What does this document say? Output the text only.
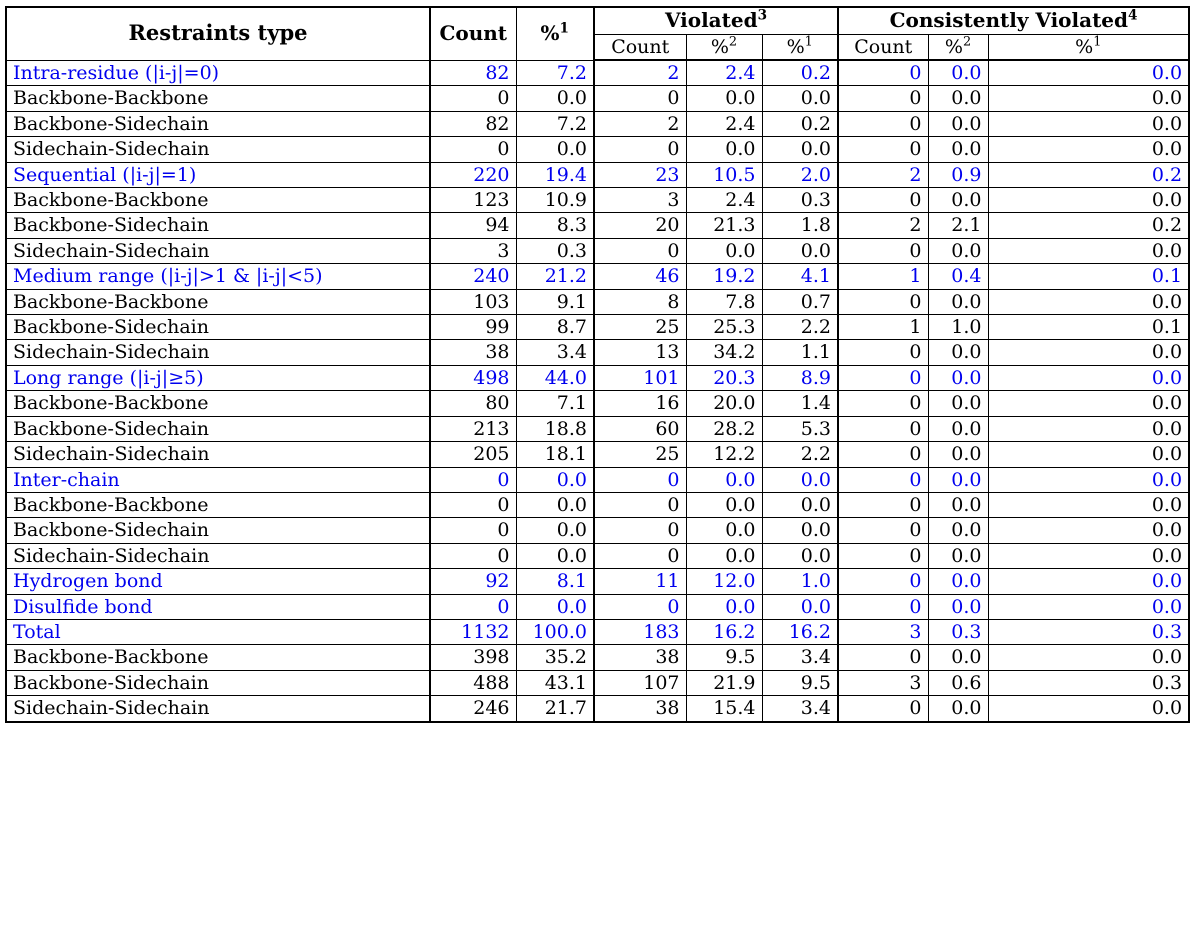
Restraints type	Count	%$^1$	Violated$^3$			Consistently Violated$^4$
			Count	%$^2$	%$^1$	Count	%$^2$	%$^1$
Intra-residue (|i-j|=0)	82	7.2	2	2.4	0.2	0	0.0	0.0
Backbone-Backbone	0	0.0	0	0.0	0.0	0	0.0	0.0
Backbone-Sidechain	82	7.2	2	2.4	0.2	0	0.0	0.0
Sidechain-Sidechain	0	0.0	0	0.0	0.0	0	0.0	0.0
Sequential (|i-j|=1)	220	19.4	23	10.5	2.0	2	0.9	0.2
Backbone-Backbone	123	10.9	3	2.4	0.3	0	0.0	0.0
Backbone-Sidechain	94	8.3	20	21.3	1.8	2	2.1	0.2
Sidechain-Sidechain	3	0.3	0	0.0	0.0	0	0.0	0.0
Medium range (|i-j|>1 & |i-j|<5)	240	21.2	46	19.2	4.1	1	0.4	0.1
Backbone-Backbone	103	9.1	8	7.8	0.7	0	0.0	0.0
Backbone-Sidechain	99	8.7	25	25.3	2.2	1	1.0	0.1
Sidechain-Sidechain	38	3.4	13	34.2	1.1	0	0.0	0.0
Long range (|i-j|≥5)	498	44.0	101	20.3	8.9	0	0.0	0.0
Backbone-Backbone	80	7.1	16	20.0	1.4	0	0.0	0.0
Backbone-Sidechain	213	18.8	60	28.2	5.3	0	0.0	0.0
Sidechain-Sidechain	205	18.1	25	12.2	2.2	0	0.0	0.0
Inter-chain	0	0.0	0	0.0	0.0	0	0.0	0.0
Backbone-Backbone	0	0.0	0	0.0	0.0	0	0.0	0.0
Backbone-Sidechain	0	0.0	0	0.0	0.0	0	0.0	0.0
Sidechain-Sidechain	0	0.0	0	0.0	0.0	0	0.0	0.0
Hydrogen bond	92	8.1	11	12.0	1.0	0	0.0	0.0
Disulfide bond	0	0.0	0	0.0	0.0	0	0.0	0.0
Total	1132	100.0	183	16.2	16.2	3	0.3	0.3
Backbone-Backbone	398	35.2	38	9.5	3.4	0	0.0	0.0
Backbone-Sidechain	488	43.1	107	21.9	9.5	3	0.6	0.3
Sidechain-Sidechain	246	21.7	38	15.4	3.4	0	0.0	0.0
